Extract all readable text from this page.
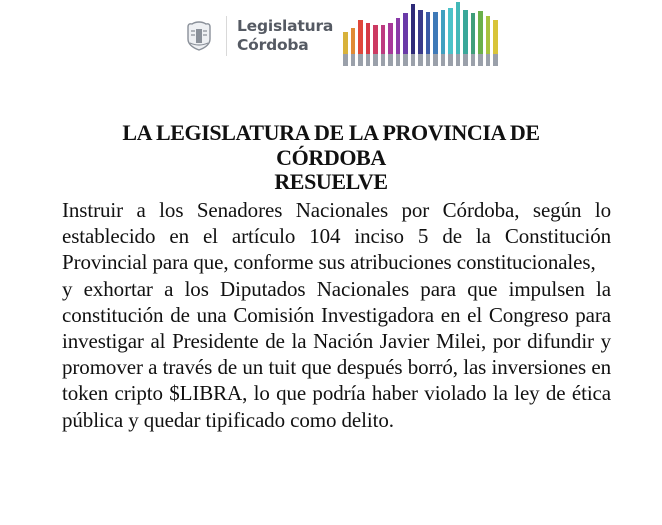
Legislatura
Córdoba
LA LEGISLATURA DE LA PROVINCIA DE
CÓRDOBA
RESUELVE

Instruir a los Senadores Nacionales por Córdoba, según lo establecido en el artículo 104 inciso 5 de la Constitución Provincial para que, conforme sus atribuciones constitucionales,

y exhortar a los Diputados Nacionales para que impulsen la constitución de una Comisión Investigadora en el Congreso para investigar al Presidente de la Nación Javier Milei, por difundir y promover a través de un tuit que después borró, las inversiones en token cripto $LIBRA, lo que podría haber violado la ley de ética pública y quedar tipificado como delito.
